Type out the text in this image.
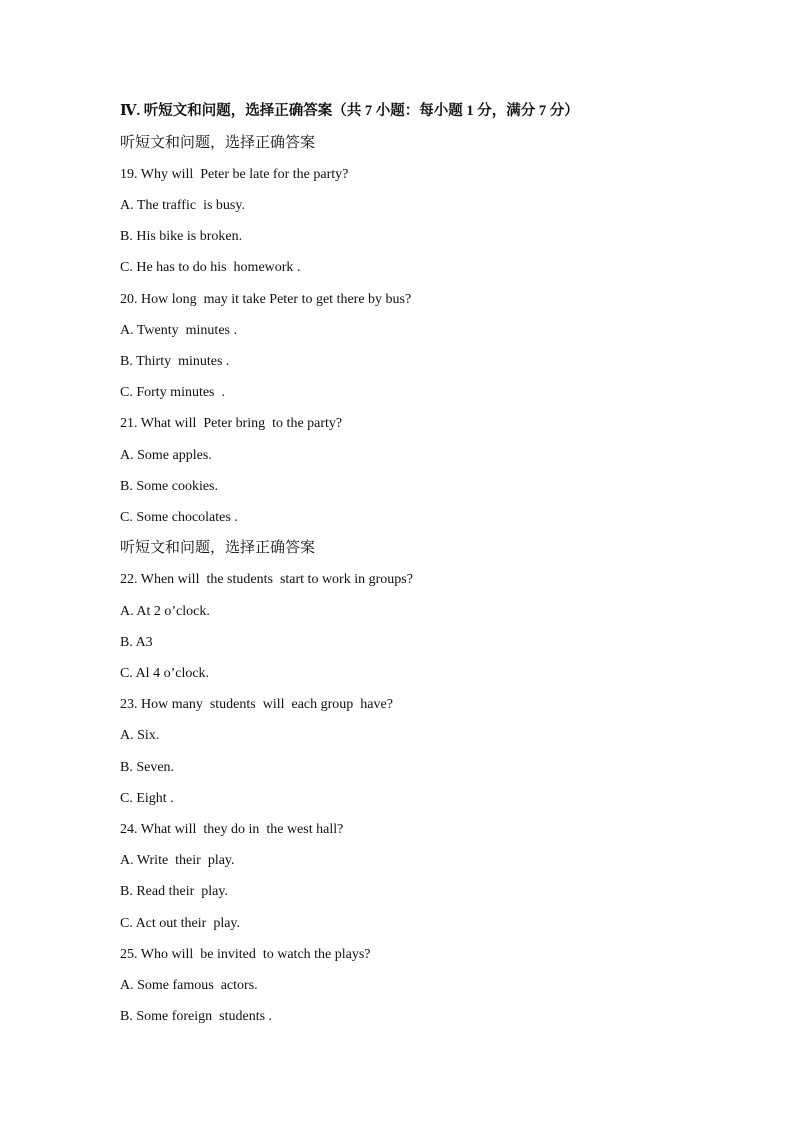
Ⅳ. 听短文和问题，选择正确答案（共 7 小题：每小题 1 分，满分 7 分）
听短文和问题，选择正确答案
19. Why will  Peter be late for the party?
A. The traffic  is busy.
B. His bike is broken.
C. He has to do his  homework .
20. How long  may it take Peter to get there by bus?
A. Twenty  minutes .
B. Thirty  minutes .
C. Forty minutes  .
21. What will  Peter bring  to the party?
A. Some apples.
B. Some cookies.
C. Some chocolates .
听短文和问题，选择正确答案
22. When will  the students  start to work in groups?
A. At 2 o’clock.
B. A3
C. Al 4 o’clock.
23. How many  students  will  each group  have?
A. Six.
B. Seven.
C. Eight .
24. What will  they do in  the west hall?
A. Write  their  play.
B. Read their  play.
C. Act out their  play.
25. Who will  be invited  to watch the plays?
A. Some famous  actors.
B. Some foreign  students .
